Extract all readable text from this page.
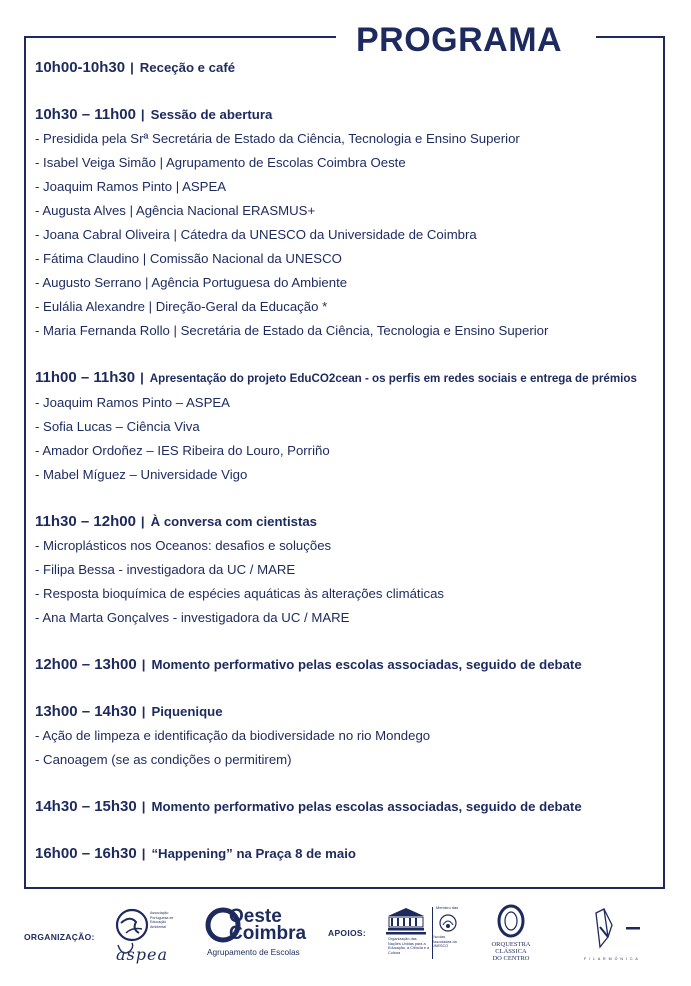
PROGRAMA
10h00-10h30 | Receção e café
10h30 – 11h00 | Sessão de abertura
- Presidida pela Srª Secretária de Estado da Ciência, Tecnologia e Ensino Superior
- Isabel Veiga Simão | Agrupamento de Escolas Coimbra Oeste
- Joaquim Ramos Pinto | ASPEA
- Augusta Alves | Agência Nacional ERASMUS+
- Joana Cabral Oliveira | Cátedra da UNESCO da Universidade de Coimbra
- Fátima Claudino | Comissão Nacional da UNESCO
- Augusto Serrano | Agência Portuguesa do Ambiente
- Eulália Alexandre | Direção-Geral da Educação *
- Maria Fernanda Rollo | Secretária de Estado da Ciência, Tecnologia e Ensino Superior
11h00 – 11h30 | Apresentação do projeto EduCO2cean - os perfis em redes sociais e entrega de prémios
- Joaquim Ramos Pinto – ASPEA
- Sofia Lucas – Ciência Viva
- Amador Ordoñez – IES Ribeira do Louro, Porriño
- Mabel Míguez – Universidade Vigo
11h30 – 12h00 | À conversa com cientistas
- Microplásticos nos Oceanos: desafios e soluções
- Filipa Bessa - investigadora da UC / MARE
- Resposta bioquímica de espécies aquáticas às alterações climáticas
- Ana Marta Gonçalves - investigadora da UC / MARE
12h00 – 13h00 | Momento performativo pelas escolas associadas, seguido de debate
13h00 – 14h30 | Piquenique
- Ação de limpeza e identificação da biodiversidade no rio Mondego
- Canoagem (se as condições o permitirem)
14h30 – 15h30 | Momento performativo pelas escolas associadas, seguido de debate
16h00 – 16h30 | “Happening” na Praça 8 de maio
ORGANIZAÇÃO:
Associação Portuguesa de Educação Ambiental
aspea
Oeste
Coimbra
Agrupamento de Escolas
APOIOS:
Organização das Nações Unidas para a Educação, a Ciência e a Cultura
Membro das
Escolas Associadas da UNESCO	ORQUESTRA
CLÁSSICA
DO CENTRO	F I L A R M Ó N I C A
